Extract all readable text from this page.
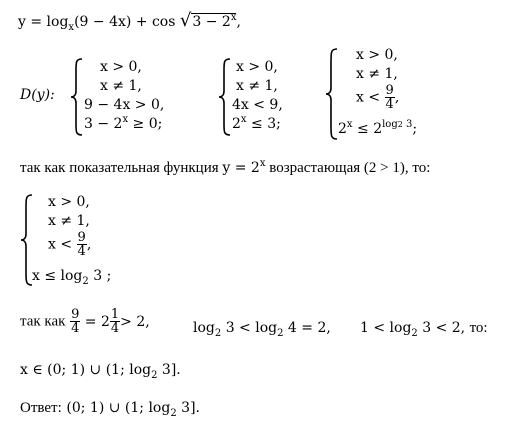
$y = \log_x(9 - 4x) + \cos √3 - 2^x$,
D(y):
x > 0,
x ≠ 1,
9 − 4x > 0,
$3 - 2^x \ge 0$;
x > 0,
x ≠ 1,
4x < 9,
$2^x \le 3$;
x > 0,
x ≠ 1,
$x < \frac{9}{4}$ ,
$2^x \le 2^{log2 3}$;
так как показательная функция $y = 2^x$ возрастающая (2 > 1), то:
x > 0,
x ≠ 1,
$x < \frac{9}{4}$ ,
$x \le \log_2 3$ ;
так как $\frac{9}{4} = 2 \frac{1}{4} > 2$,	$\log_2 3 < \log_2 4 = 2$, $1 < \log_2 3 < 2$, то:
x ∈ (0; 1) ∪ (1; $\log_2 3$].
Ответ: (0; 1) ∪ (1; $\log_2 3$].
